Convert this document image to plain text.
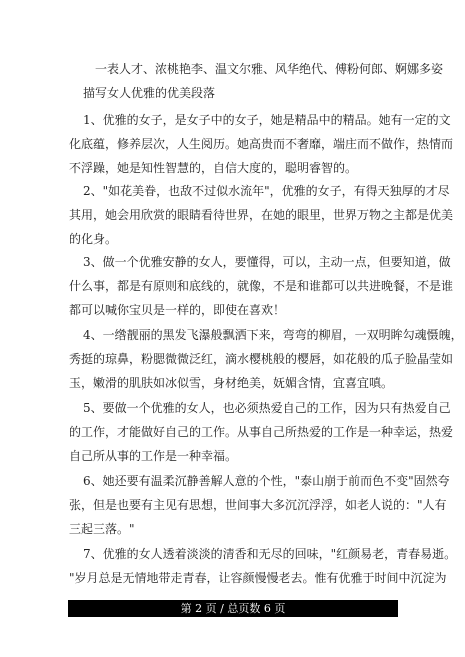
一表人才、浓桃艳李、温文尔雅、风华绝代、傅粉何郎、婀娜多姿
描写女人优雅的优美段落
1、优雅的女子，是女子中的女子，她是精品中的精品。她有一定的文
化底蕴，修养层次，人生阅历。她高贵而不奢靡，端庄而不做作，热情而
不浮躁，她是知性智慧的，自信大度的，聪明睿智的。
2、"如花美眷，也敌不过似水流年"，优雅的女子，有得天独厚的才尽
其用，她会用欣赏的眼睛看待世界，在她的眼里，世界万物之主都是优美
的化身。
3、做一个优雅安静的女人，要懂得，可以，主动一点，但要知道，做
什么事，都是有原则和底线的，就像，不是和谁都可以共进晚餐，不是谁
都可以喊你宝贝是一样的，即使在喜欢！
4、一绺靓丽的黑发飞瀑般飘洒下来，弯弯的柳眉，一双明眸勾魂慑魄，
秀挺的琼鼻，粉腮微微泛红，滴水樱桃般的樱唇，如花般的瓜子脸晶莹如
玉，嫩滑的肌肤如冰似雪，身材绝美，妩媚含情，宜喜宜嗔。
5、要做一个优雅的女人，也必须热爱自己的工作，因为只有热爱自己
的工作，才能做好自己的工作。从事自己所热爱的工作是一种幸运，热爱
自己所从事的工作是一种幸福。
6、她还要有温柔沉静善解人意的个性，"泰山崩于前而色不变"固然夸
张，但是也要有主见有思想，世间事大多沉沉浮浮，如老人说的："人有
三起三落。"
7、优雅的女人透着淡淡的清香和无尽的回味，"红颜易老，青春易逝。
"岁月总是无情地带走青春，让容颜慢慢老去。惟有优雅于时间中沉淀为
第 2 页 / 总页数 6 页
